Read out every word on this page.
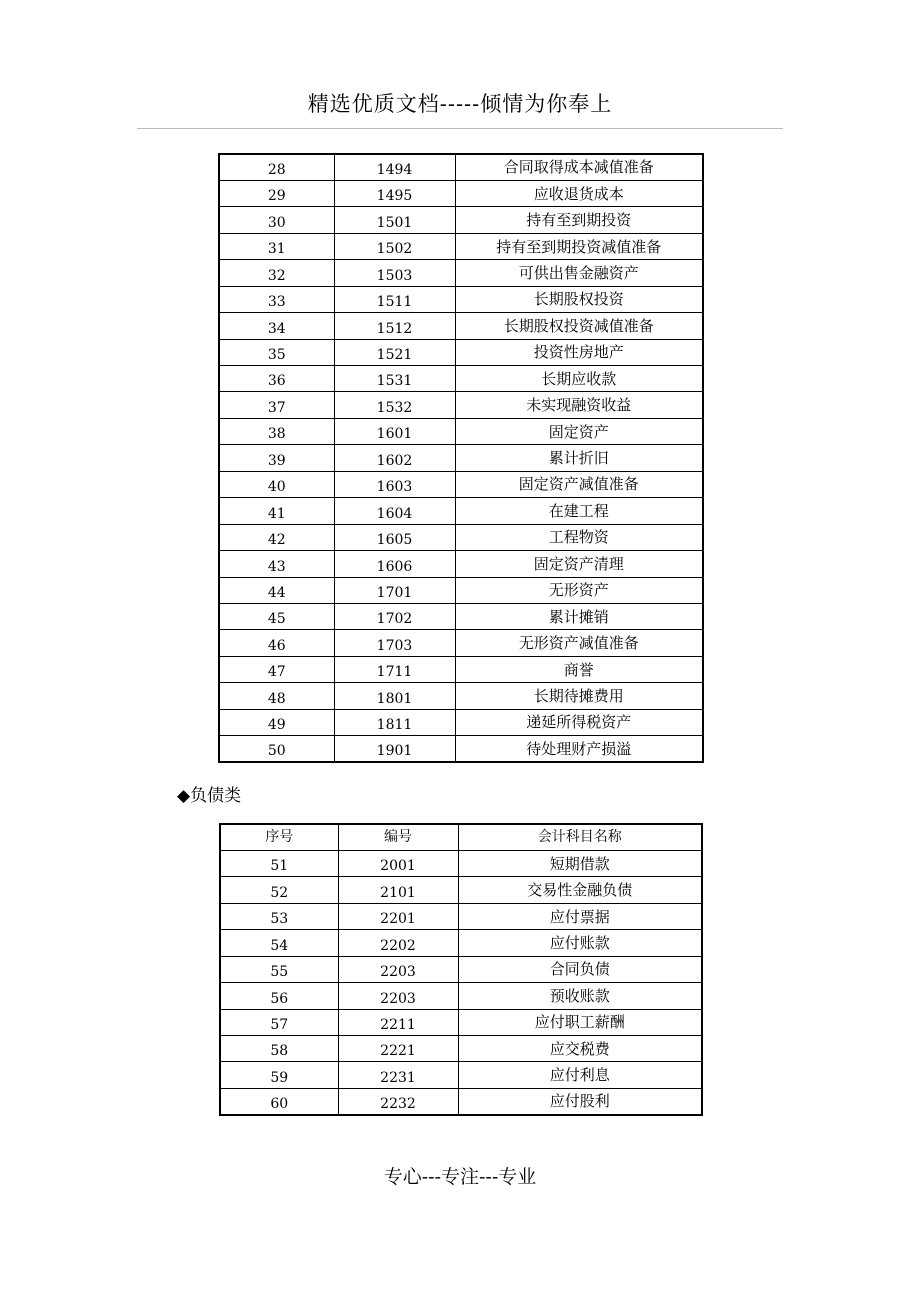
精选优质文档-----倾情为你奉上
28	1494	合同取得成本减值准备
29	1495	应收退货成本
30	1501	持有至到期投资
31	1502	持有至到期投资减值准备
32	1503	可供出售金融资产
33	1511	长期股权投资
34	1512	长期股权投资减值准备
35	1521	投资性房地产
36	1531	长期应收款
37	1532	未实现融资收益
38	1601	固定资产
39	1602	累计折旧
40	1603	固定资产减值准备
41	1604	在建工程
42	1605	工程物资
43	1606	固定资产清理
44	1701	无形资产
45	1702	累计摊销
46	1703	无形资产减值准备
47	1711	商誉
48	1801	长期待摊费用
49	1811	递延所得税资产
50	1901	待处理财产损溢
◆负债类
序号	编号	会计科目名称
51	2001	短期借款
52	2101	交易性金融负债
53	2201	应付票据
54	2202	应付账款
55	2203	合同负债
56	2203	预收账款
57	2211	应付职工薪酬
58	2221	应交税费
59	2231	应付利息
60	2232	应付股利
专心---专注---专业
